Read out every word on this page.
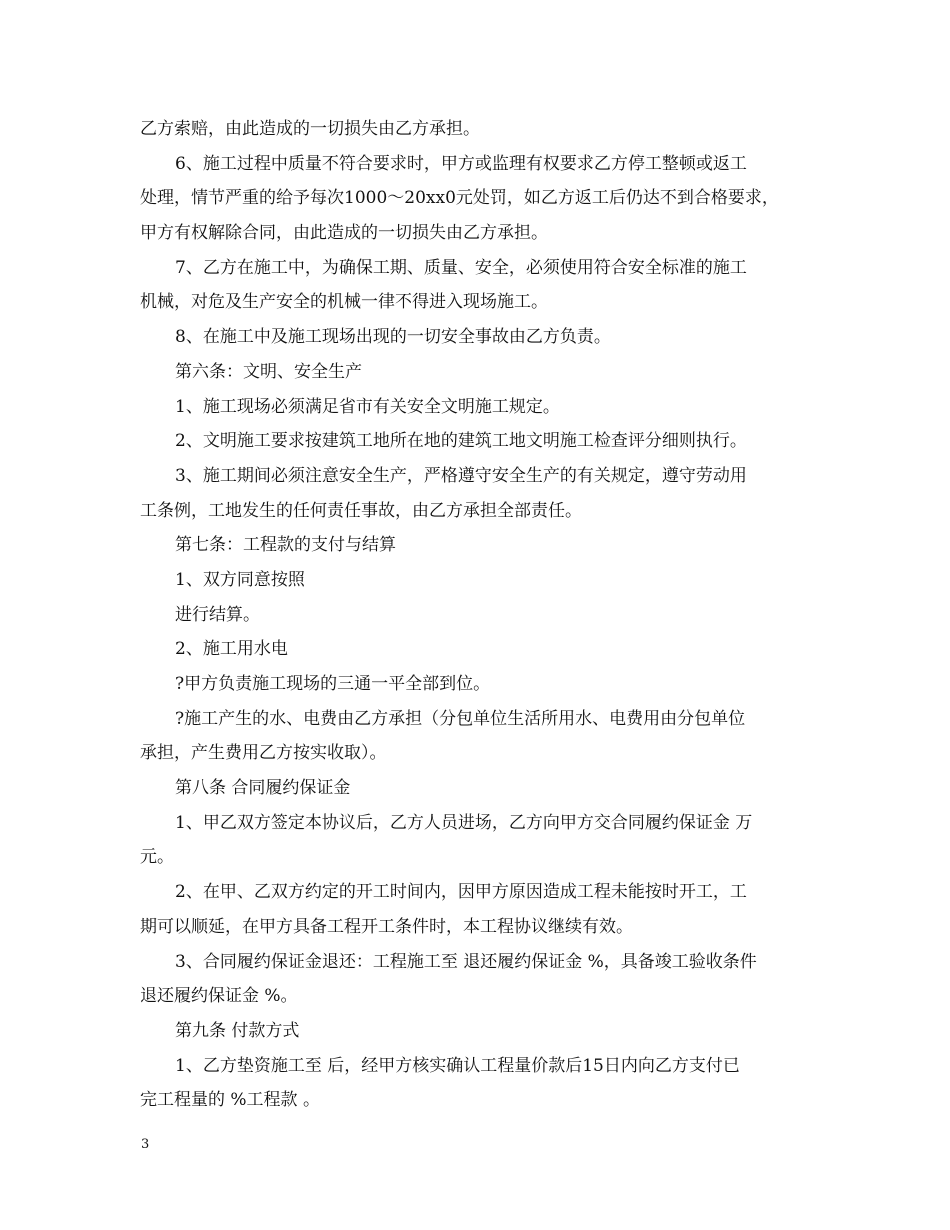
乙方索赔，由此造成的一切损失由乙方承担。
6、施工过程中质量不符合要求时，甲方或监理有权要求乙方停工整顿或返工
处理，情节严重的给予每次1000～20xx0元处罚，如乙方返工后仍达不到合格要求，
甲方有权解除合同，由此造成的一切损失由乙方承担。
7、乙方在施工中，为确保工期、质量、安全，必须使用符合安全标准的施工
机械，对危及生产安全的机械一律不得进入现场施工。
8、在施工中及施工现场出现的一切安全事故由乙方负责。
第六条：文明、安全生产
1、施工现场必须满足省市有关安全文明施工规定。
2、文明施工要求按建筑工地所在地的建筑工地文明施工检查评分细则执行。
3、施工期间必须注意安全生产，严格遵守安全生产的有关规定，遵守劳动用
工条例，工地发生的任何责任事故，由乙方承担全部责任。
第七条：工程款的支付与结算
1、双方同意按照
进行结算。
2、施工用水电
?甲方负责施工现场的三通一平全部到位。
?施工产生的水、电费由乙方承担（分包单位生活所用水、电费用由分包单位
承担，产生费用乙方按实收取）。
第八条 合同履约保证金
1、甲乙双方签定本协议后，乙方人员进场，乙方向甲方交合同履约保证金 万
元。
2、在甲、乙双方约定的开工时间内，因甲方原因造成工程未能按时开工，工
期可以顺延，在甲方具备工程开工条件时，本工程协议继续有效。
3、合同履约保证金退还：工程施工至 退还履约保证金 %，具备竣工验收条件
退还履约保证金 %。
第九条 付款方式
1、乙方垫资施工至 后，经甲方核实确认工程量价款后15日内向乙方支付已
完工程量的 %工程款 。
3
